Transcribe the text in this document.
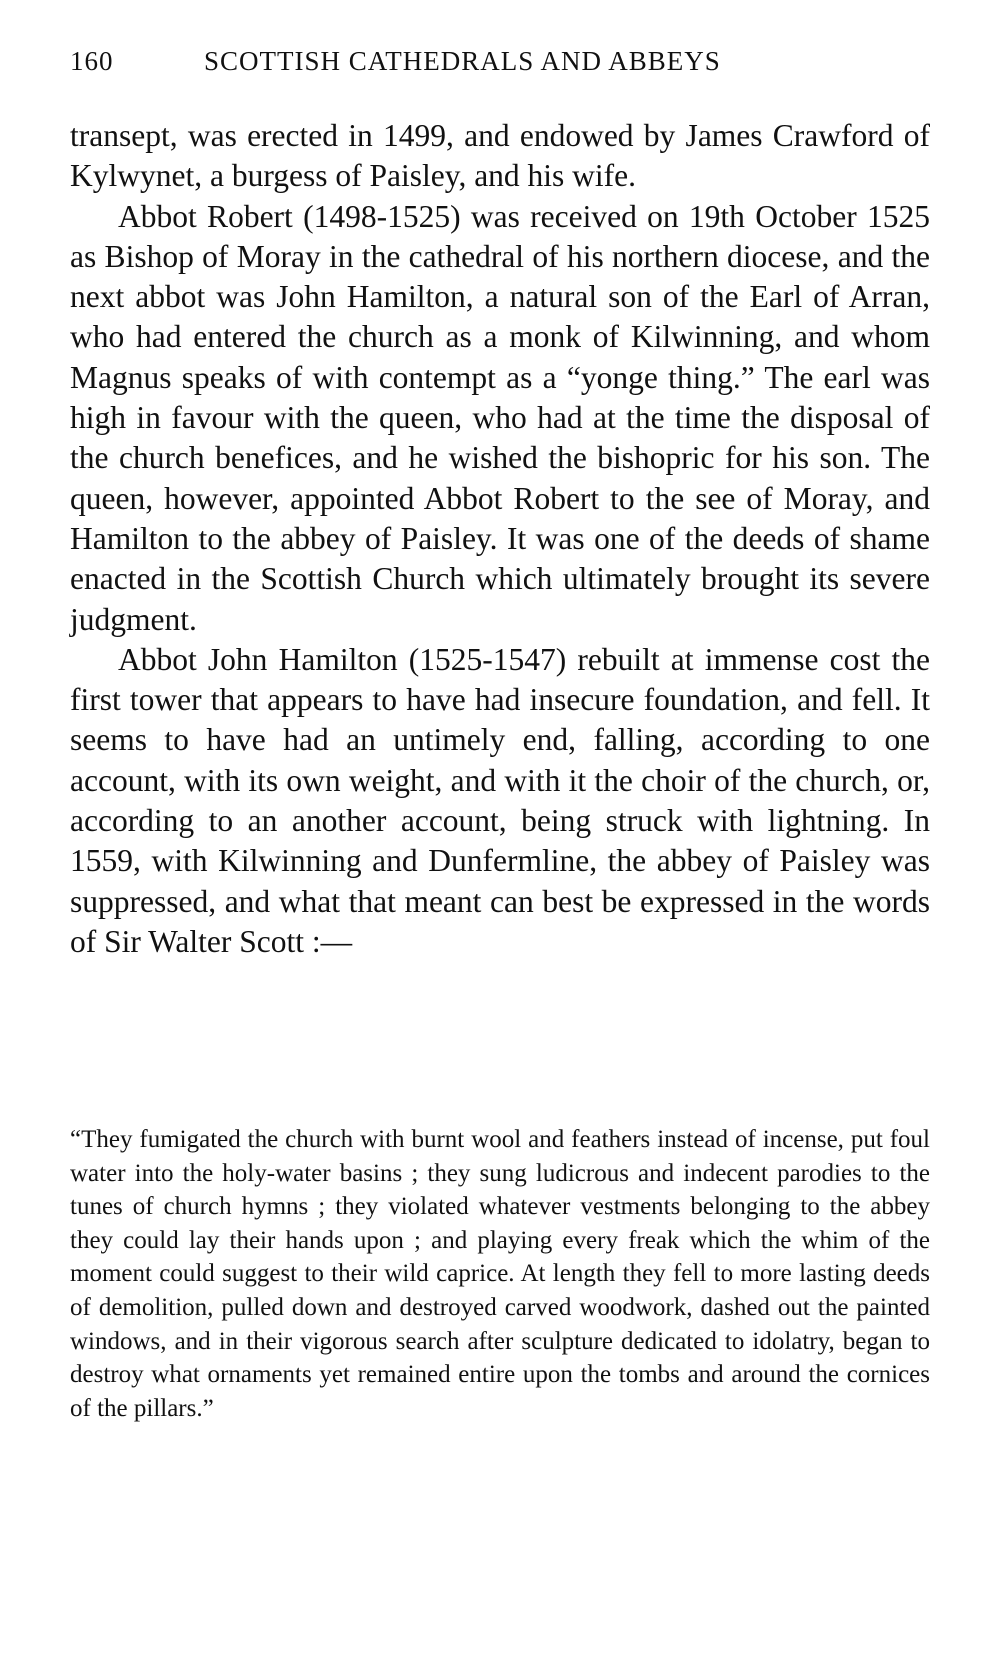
160	SCOTTISH CATHEDRALS AND ABBEYS

transept, was erected in 1499, and endowed by James Crawford of Kylwynet, a burgess of Paisley, and his wife.

Abbot Robert (1498-1525) was received on 19th October 1525 as Bishop of Moray in the cathedral of his northern diocese, and the next abbot was John Hamilton, a natural son of the Earl of Arran, who had entered the church as a monk of Kilwinning, and whom Magnus speaks of with contempt as a “yonge thing.” The earl was high in favour with the queen, who had at the time the disposal of the church benefices, and he wished the bishopric for his son. The queen, however, appointed Abbot Robert to the see of Moray, and Hamilton to the abbey of Paisley. It was one of the deeds of shame enacted in the Scottish Church which ultimately brought its severe judgment.

Abbot John Hamilton (1525-1547) rebuilt at immense cost the first tower that appears to have had insecure foundation, and fell. It seems to have had an untimely end, falling, according to one account, with its own weight, and with it the choir of the church, or, according to an another account, being struck with lightning. In 1559, with Kilwinning and Dunfermline, the abbey of Paisley was suppressed, and what that meant can best be expressed in the words of Sir Walter Scott :—

“They fumigated the church with burnt wool and feathers instead of incense, put foul water into the holy-water basins ; they sung ludicrous and indecent parodies to the tunes of church hymns ; they violated whatever vestments belonging to the abbey they could lay their hands upon ; and playing every freak which the whim of the moment could suggest to their wild caprice. At length they fell to more lasting deeds of demolition, pulled down and destroyed carved woodwork, dashed out the painted windows, and in their vigorous search after sculpture dedicated to idolatry, began to destroy what ornaments yet remained entire upon the tombs and around the cornices of the pillars.”
